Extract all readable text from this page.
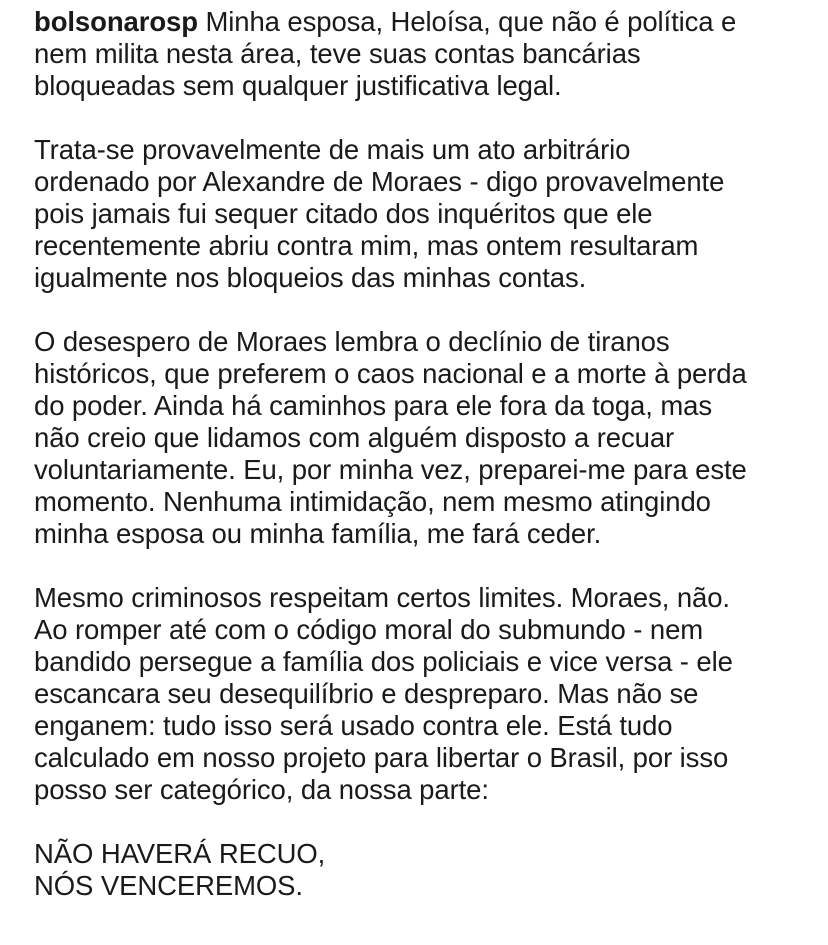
bolsonarosp Minha esposa, Heloísa, que não é política e
nem milita nesta área, teve suas contas bancárias
bloqueadas sem qualquer justificativa legal.

Trata-se provavelmente de mais um ato arbitrário
ordenado por Alexandre de Moraes - digo provavelmente
pois jamais fui sequer citado dos inquéritos que ele
recentemente abriu contra mim, mas ontem resultaram
igualmente nos bloqueios das minhas contas.

O desespero de Moraes lembra o declínio de tiranos
históricos, que preferem o caos nacional e a morte à perda
do poder. Ainda há caminhos para ele fora da toga, mas
não creio que lidamos com alguém disposto a recuar
voluntariamente. Eu, por minha vez, preparei-me para este
momento. Nenhuma intimidação, nem mesmo atingindo
minha esposa ou minha família, me fará ceder.

Mesmo criminosos respeitam certos limites. Moraes, não.
Ao romper até com o código moral do submundo - nem
bandido persegue a família dos policiais e vice versa - ele
escancara seu desequilíbrio e despreparo. Mas não se
enganem: tudo isso será usado contra ele. Está tudo
calculado em nosso projeto para libertar o Brasil, por isso
posso ser categórico, da nossa parte:

NÃO HAVERÁ RECUO,
NÓS VENCEREMOS.
